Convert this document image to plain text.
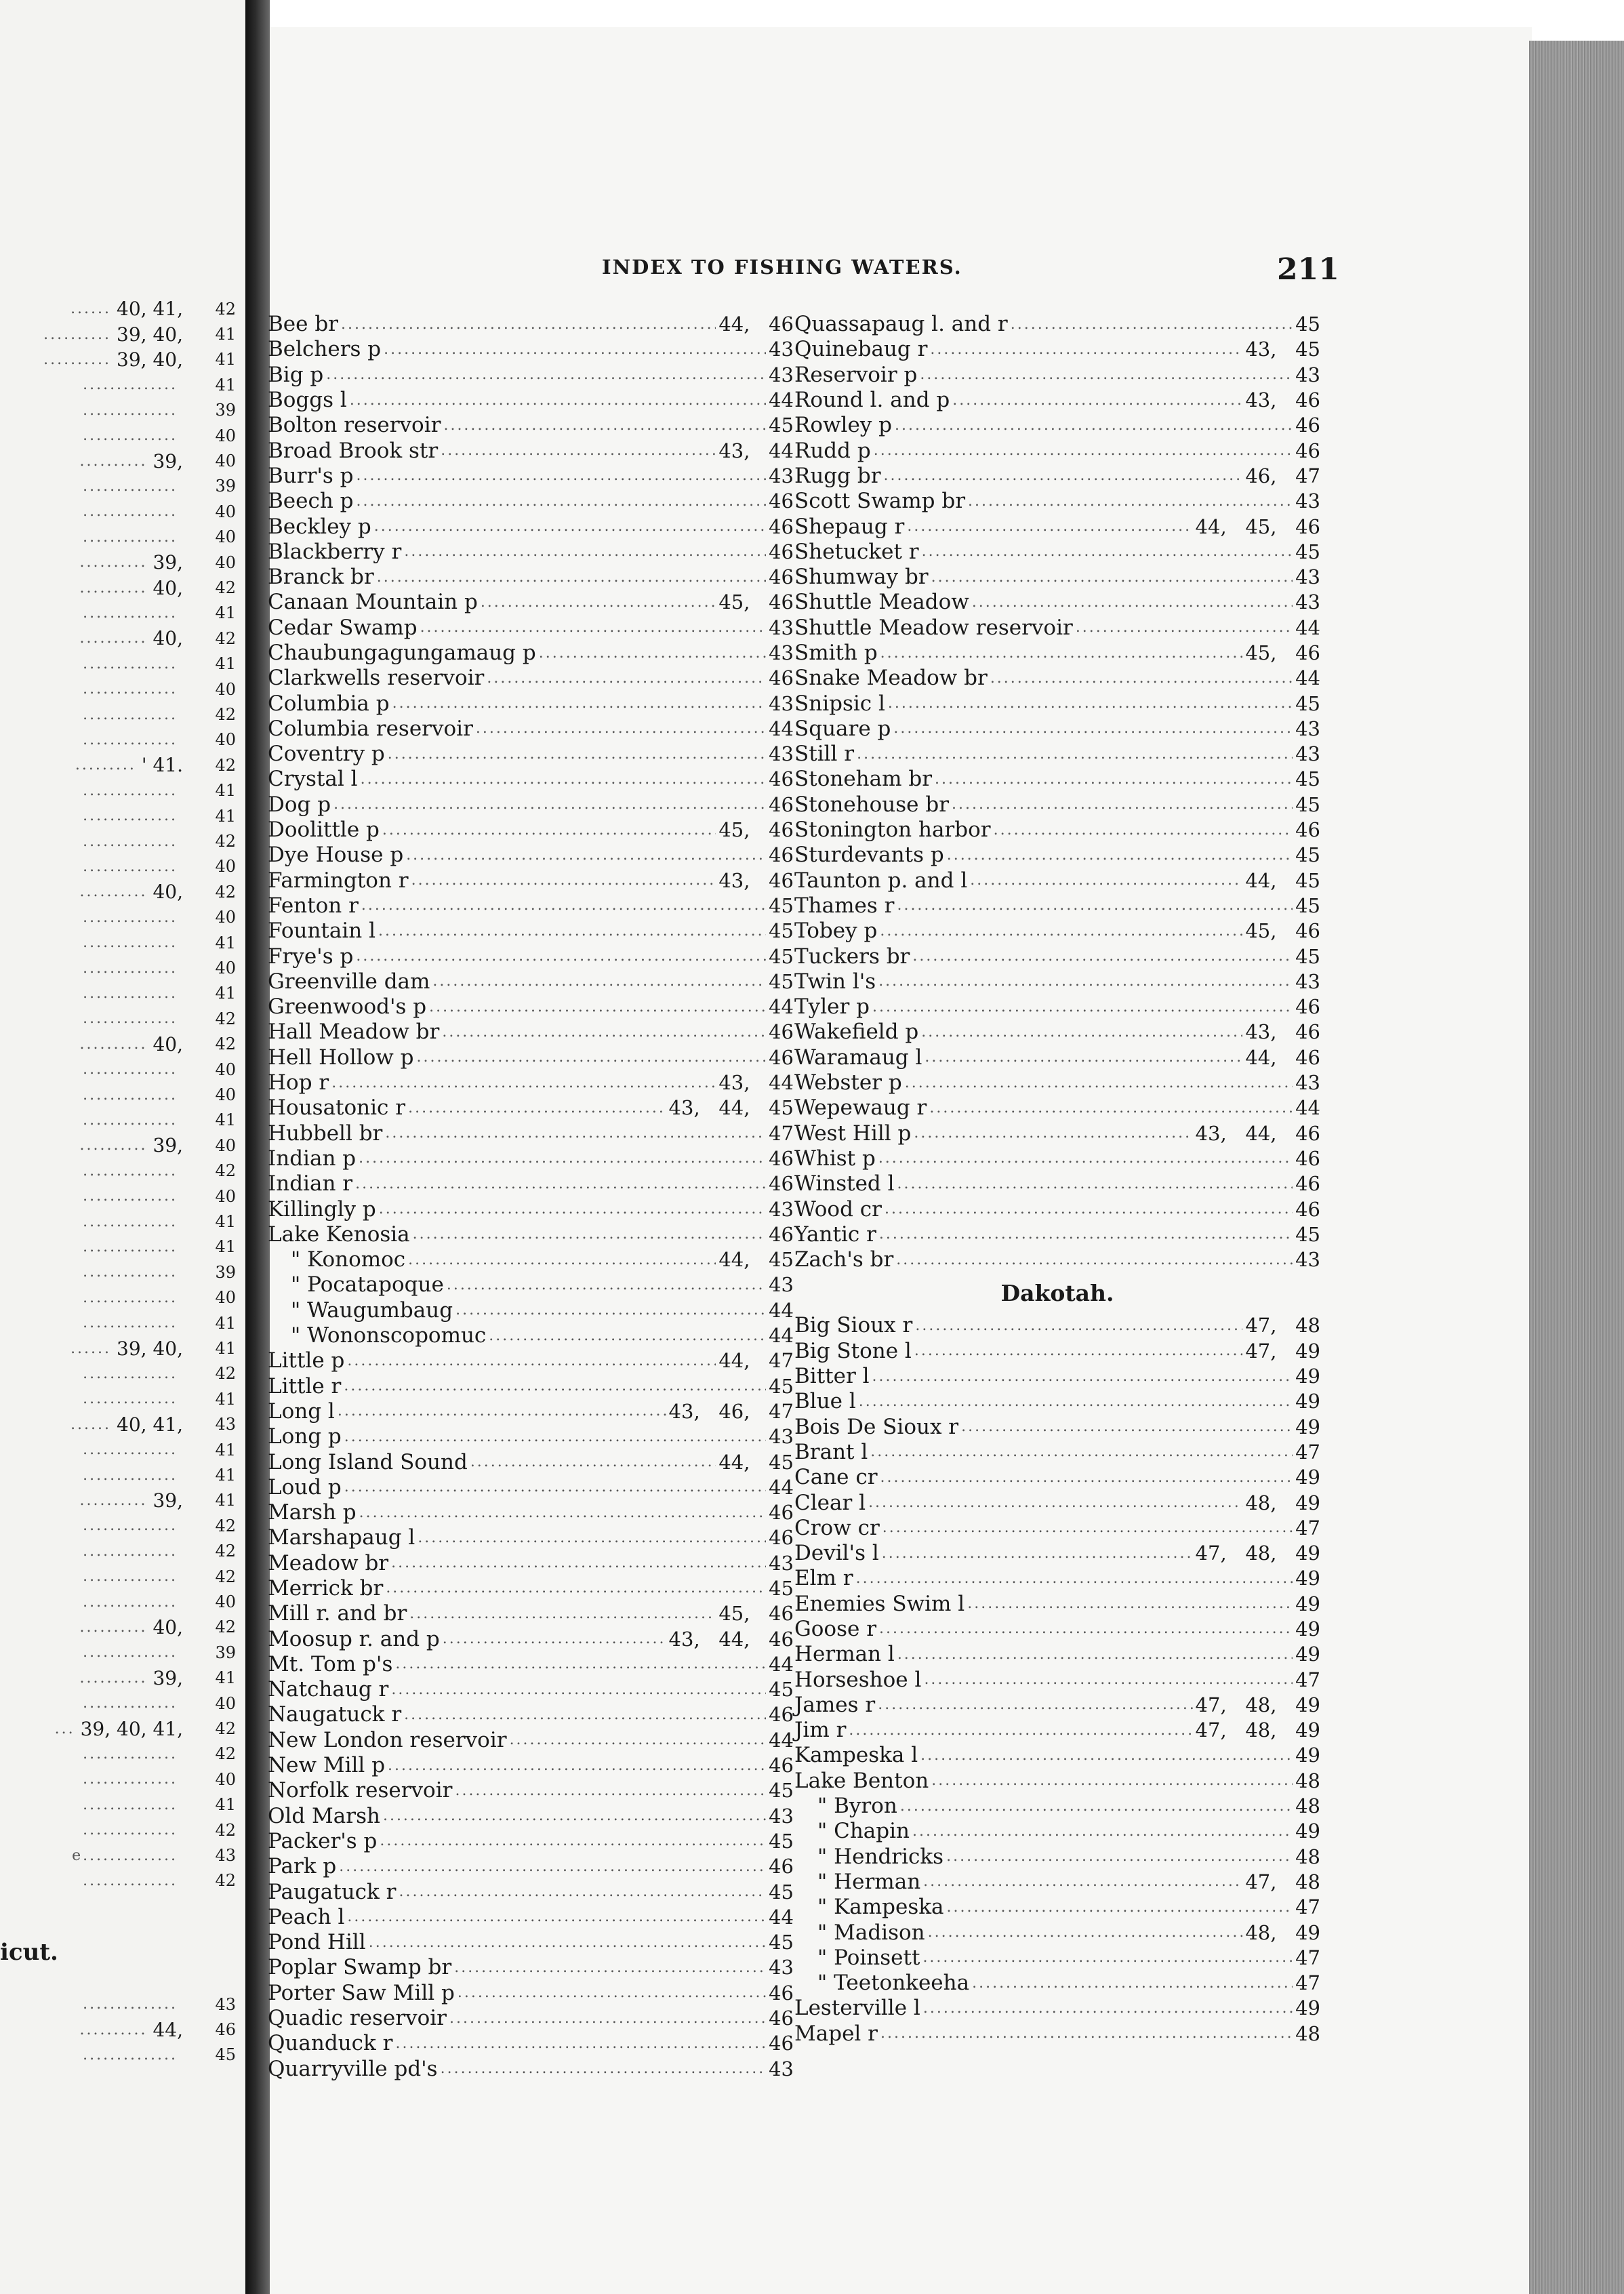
...... 40, 41, 42
.......... 39, 40, 41
.......... 39, 40, 41
.............. 41
.............. 39
.............. 40
.......... 39, 40
.............. 39
.............. 40
.............. 40
.......... 39, 40
.......... 40, 42
.............. 41
.......... 40, 42
.............. 41
.............. 40
.............. 42
.............. 40
......... ' 41. 42
.............. 41
.............. 41
.............. 42
.............. 40
.......... 40, 42
.............. 40
.............. 41
.............. 40
.............. 41
.............. 42
.......... 40, 42
.............. 40
.............. 40
.............. 41
.......... 39, 40
.............. 42
.............. 40
.............. 41
.............. 41
.............. 39
.............. 40
.............. 41
...... 39, 40, 41
.............. 42
.............. 41
...... 40, 41, 43
.............. 41
.............. 41
.......... 39, 41
.............. 42
.............. 42
.............. 42
.............. 40
.......... 40, 42
.............. 39
.......... 39, 41
.............. 40
... 39, 40, 41, 42
.............. 42
.............. 40
.............. 41
.............. 42
e.............. 43
.............. 42
icut.
.............. 43
.......... 44, 46
.............. 45
INDEX TO FISHING WATERS.	211
Bee br .....	44,   46
Belchers p .....	43
Big p .....	43
Boggs l .....	44
Bolton reservoir .....	45
Broad Brook str .....	43,   44
Burr's p .....	43
Beech p .....	46
Beckley p .....	46
Blackberry r .....	46
Branck br .....	46
Canaan Mountain p .....	45,   46
Cedar Swamp .....	43
Chaubungagungamaug p .....	43
Clarkwells reservoir .....	46
Columbia p .....	43
Columbia reservoir .....	44
Coventry p .....	43
Crystal l .....	46
Dog p .....	46
Doolittle p .....	45,   46
Dye House p .....	46
Farmington r .....	43,   46
Fenton r .....	45
Fountain l .....	45
Frye's p .....	45
Greenville dam .....	45
Greenwood's p .....	44
Hall Meadow br .....	46
Hell Hollow p .....	46
Hop r .....	43,   44
Housatonic r .....	43,   44,   45
Hubbell br .....	47
Indian p .....	46
Indian r .....	46
Killingly p .....	43
Lake Kenosia .....	46
" Konomoc .....	44,   45
" Pocatapoque .....	43
" Waugumbaug .....	44
" Wononscopomuc .....	44
Little p .....	44,   47
Little r .....	45
Long l .....	43,   46,   47
Long p .....	43
Long Island Sound .....	44,   45
Loud p .....	44
Marsh p .....	46
Marshapaug l .....	46
Meadow br .....	43
Merrick br .....	45
Mill r. and br .....	45,   46
Moosup r. and p .....	43,   44,   46
Mt. Tom p's .....	44
Natchaug r .....	45
Naugatuck r .....	46
New London reservoir .....	44
New Mill p .....	46
Norfolk reservoir .....	45
Old Marsh .....	43
Packer's p .....	45
Park p .....	46
Paugatuck r .....	45
Peach l .....	44
Pond Hill .....	45
Poplar Swamp br .....	43
Porter Saw Mill p .....	46
Quadic reservoir .....	46
Quanduck r .....	46
Quarryville pd's .....	43
Quassapaug l. and r .....	45
Quinebaug r .....	43,   45
Reservoir p .....	43
Round l. and p .....	43,   46
Rowley p .....	46
Rudd p .....	46
Rugg br .....	46,   47
Scott Swamp br .....	43
Shepaug r .....	44,   45,   46
Shetucket r .....	45
Shumway br .....	43
Shuttle Meadow .....	43
Shuttle Meadow reservoir .....	44
Smith p .....	45,   46
Snake Meadow br .....	44
Snipsic l .....	45
Square p .....	43
Still r .....	43
Stoneham br .....	45
Stonehouse br .....	45
Stonington harbor .....	46
Sturdevants p .....	45
Taunton p. and l .....	44,   45
Thames r .....	45
Tobey p .....	45,   46
Tuckers br .....	45
Twin l's .....	43
Tyler p .....	46
Wakefield p .....	43,   46
Waramaug l .....	44,   46
Webster p .....	43
Wepewaug r .....	44
West Hill p .....	43,   44,   46
Whist p .....	46
Winsted l .....	46
Wood cr .....	46
Yantic r .....	45
Zach's br .....	43
Dakotah.
Big Sioux r .....	47,   48
Big Stone l .....	47,   49
Bitter l .....	49
Blue l .....	49
Bois De Sioux r .....	49
Brant l .....	47
Cane cr .....	49
Clear l .....	48,   49
Crow cr .....	47
Devil's l .....	47,   48,   49
Elm r .....	49
Enemies Swim l .....	49
Goose r .....	49
Herman l .....	49
Horseshoe l .....	47
James r .....	47,   48,   49
Jim r .....	47,   48,   49
Kampeska l .....	49
Lake Benton .....	48
" Byron .....	48
" Chapin .....	49
" Hendricks .....	48
" Herman .....	47,   48
" Kampeska .....	47
" Madison .....	48,   49
" Poinsett .....	47
" Teetonkeeha .....	47
Lesterville l .....	49
Mapel r .....	48
